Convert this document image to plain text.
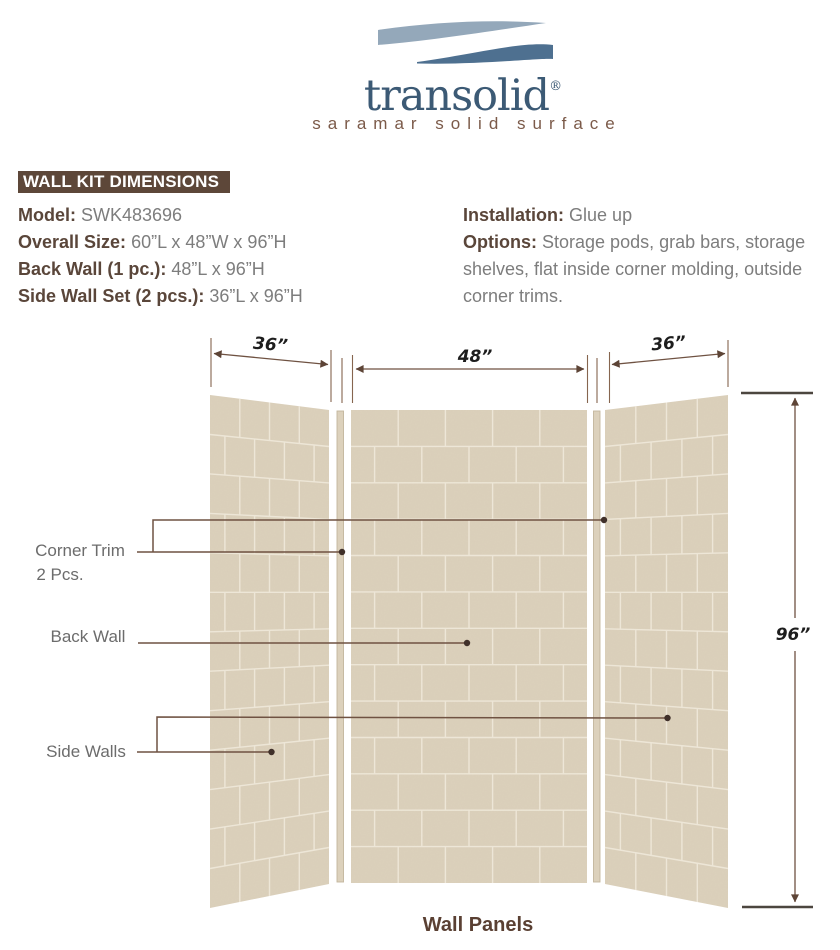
transolid®
saramar solid surface
WALL KIT DIMENSIONS
Model: SWK483696
Overall Size: 60”L x 48”W x 96”H
Back Wall (1 pc.): 48”L x 96”H
Side Wall Set (2 pcs.): 36”L x 96”H
Installation: Glue up
Options: Storage pods, grab bars, storage shelves, flat inside corner molding, outside corner trims.
36”
48”
36”
96”
Corner Trim
2 Pcs.
Back Wall
Side Walls
Wall Panels
